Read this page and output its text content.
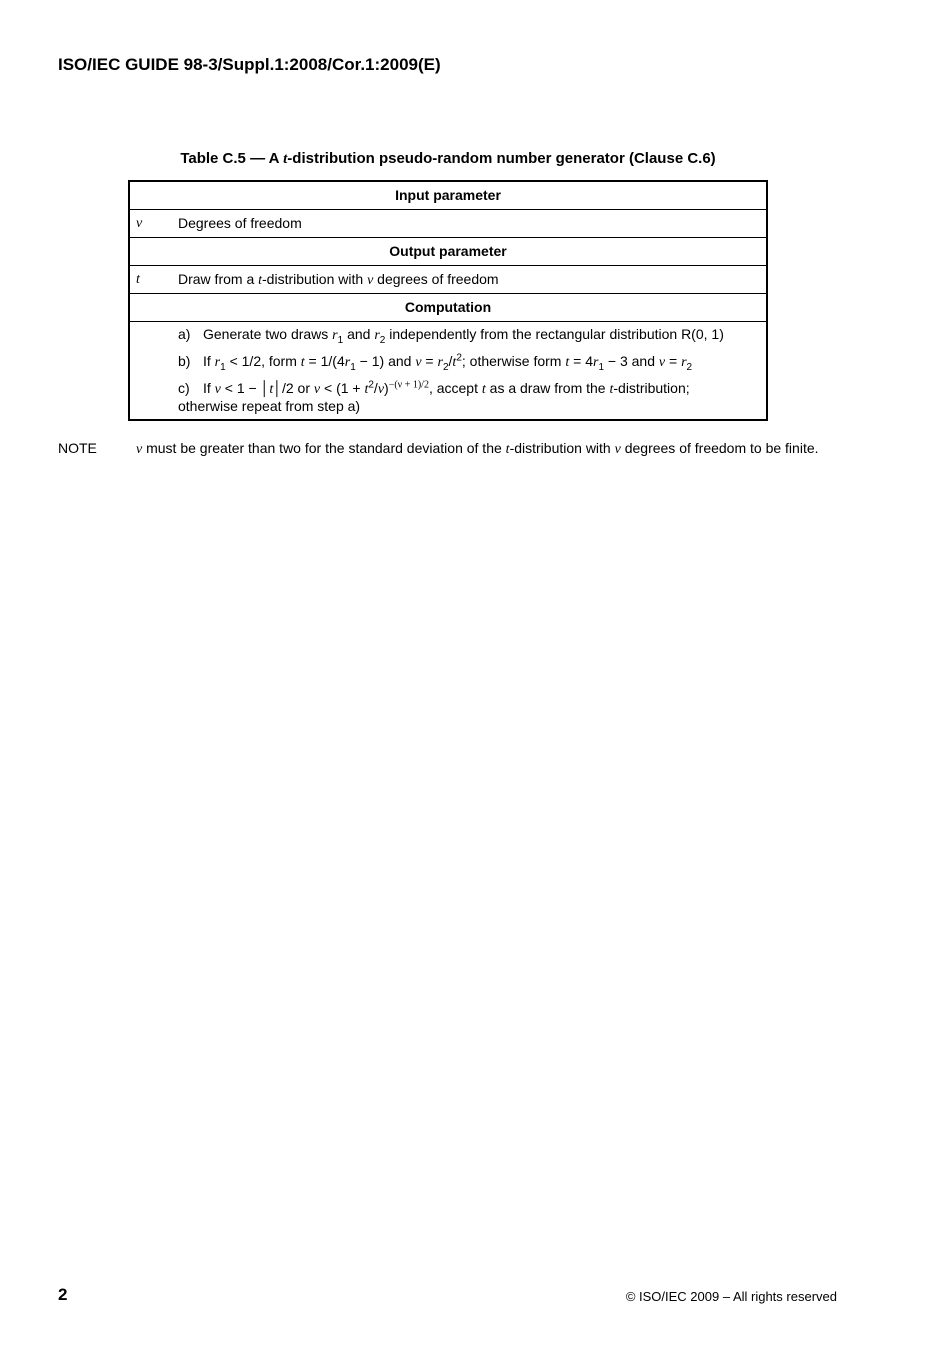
ISO/IEC GUIDE 98-3/Suppl.1:2008/Cor.1:2009(E)
Table C.5 — A t-distribution pseudo-random number generator (Clause C.6)
Input parameter
ν	Degrees of freedom
Output parameter
t	Draw from a t-distribution with ν degrees of freedom
Computation
a) Generate two draws $r_1$ and $r_2$ independently from the rectangular distribution R(0, 1)
b) If $r_1 < 1/2$, form $t = 1/(4r_1 - 1)$ and $v = r_2/t^2$; otherwise form $t = 4r_1 - 3$ and $v = r_2$
c) If v < 1 − │t│/2 or $v < (1 + t^2/\nu)^{-(\nu + 1)/2}$, accept t as a draw from the t-distribution;
otherwise repeat from step a)
NOTE	ν must be greater than two for the standard deviation of the t-distribution with ν degrees of freedom to be finite.
2	© ISO/IEC 2009 – All rights reserved
